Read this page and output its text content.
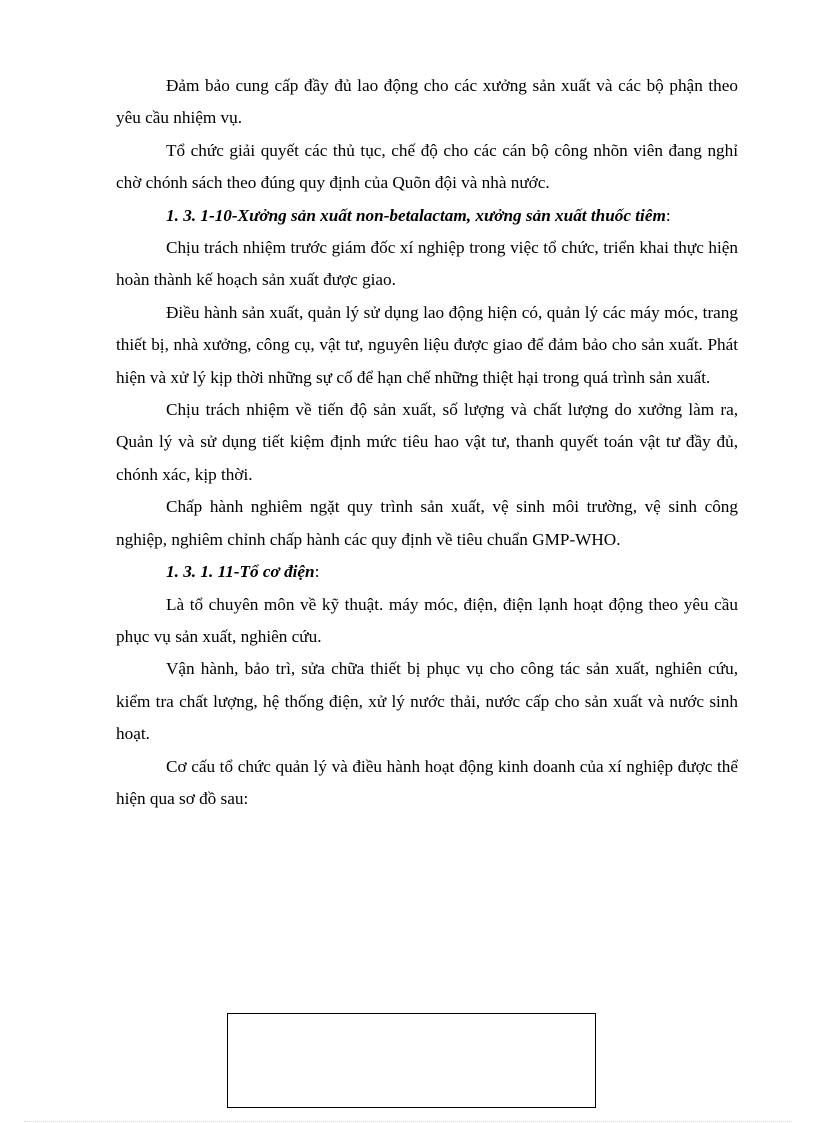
Đảm bảo cung cấp đầy đủ lao động cho các xưởng sản xuất và các bộ phận theo yêu cầu nhiệm vụ.

Tổ chức giải quyết các thủ tục, chế độ cho các cán bộ công nhõn viên đang nghỉ chờ chónh sách theo đúng quy định của Quõn đội và nhà nước.

1. 3. 1-10-Xưởng sản xuất non-betalactam, xưởng sản xuất thuốc tiêm:

Chịu trách nhiệm trước giám đốc xí nghiệp trong việc tổ chức, triển khai thực hiện hoàn thành kế hoạch sản xuất được giao.

Điều hành sản xuất, quản lý sử dụng lao động hiện có, quản lý các máy móc, trang thiết bị, nhà xưởng, công cụ, vật tư, nguyên liệu được giao để đảm bảo cho sản xuất. Phát hiện và xử lý kịp thời những sự cố để hạn chế những thiệt hại trong quá trình sản xuất.

Chịu trách nhiệm về tiến độ sản xuất, số lượng và chất lượng do xưởng làm ra, Quản lý và sử dụng tiết kiệm định mức tiêu hao vật tư, thanh quyết toán vật tư đầy đủ, chónh xác, kịp thời.

Chấp hành nghiêm ngặt quy trình sản xuất, vệ sinh môi trường, vệ sinh công nghiệp, nghiêm chỉnh chấp hành các quy định về tiêu chuẩn GMP-WHO.

1. 3. 1. 11-Tổ cơ điện:

Là tổ chuyên môn về kỹ thuật. máy móc, điện, điện lạnh hoạt động theo yêu cầu phục vụ sản xuất, nghiên cứu.

Vận hành, bảo trì, sửa chữa thiết bị phục vụ cho công tác sản xuất, nghiên cứu, kiểm tra chất lượng, hệ thống điện, xử lý nước thải, nước cấp cho sản xuất và nước sinh hoạt.

Cơ cấu tổ chức quản lý và điều hành hoạt động kinh doanh của xí nghiệp được thể hiện qua sơ đồ sau:
